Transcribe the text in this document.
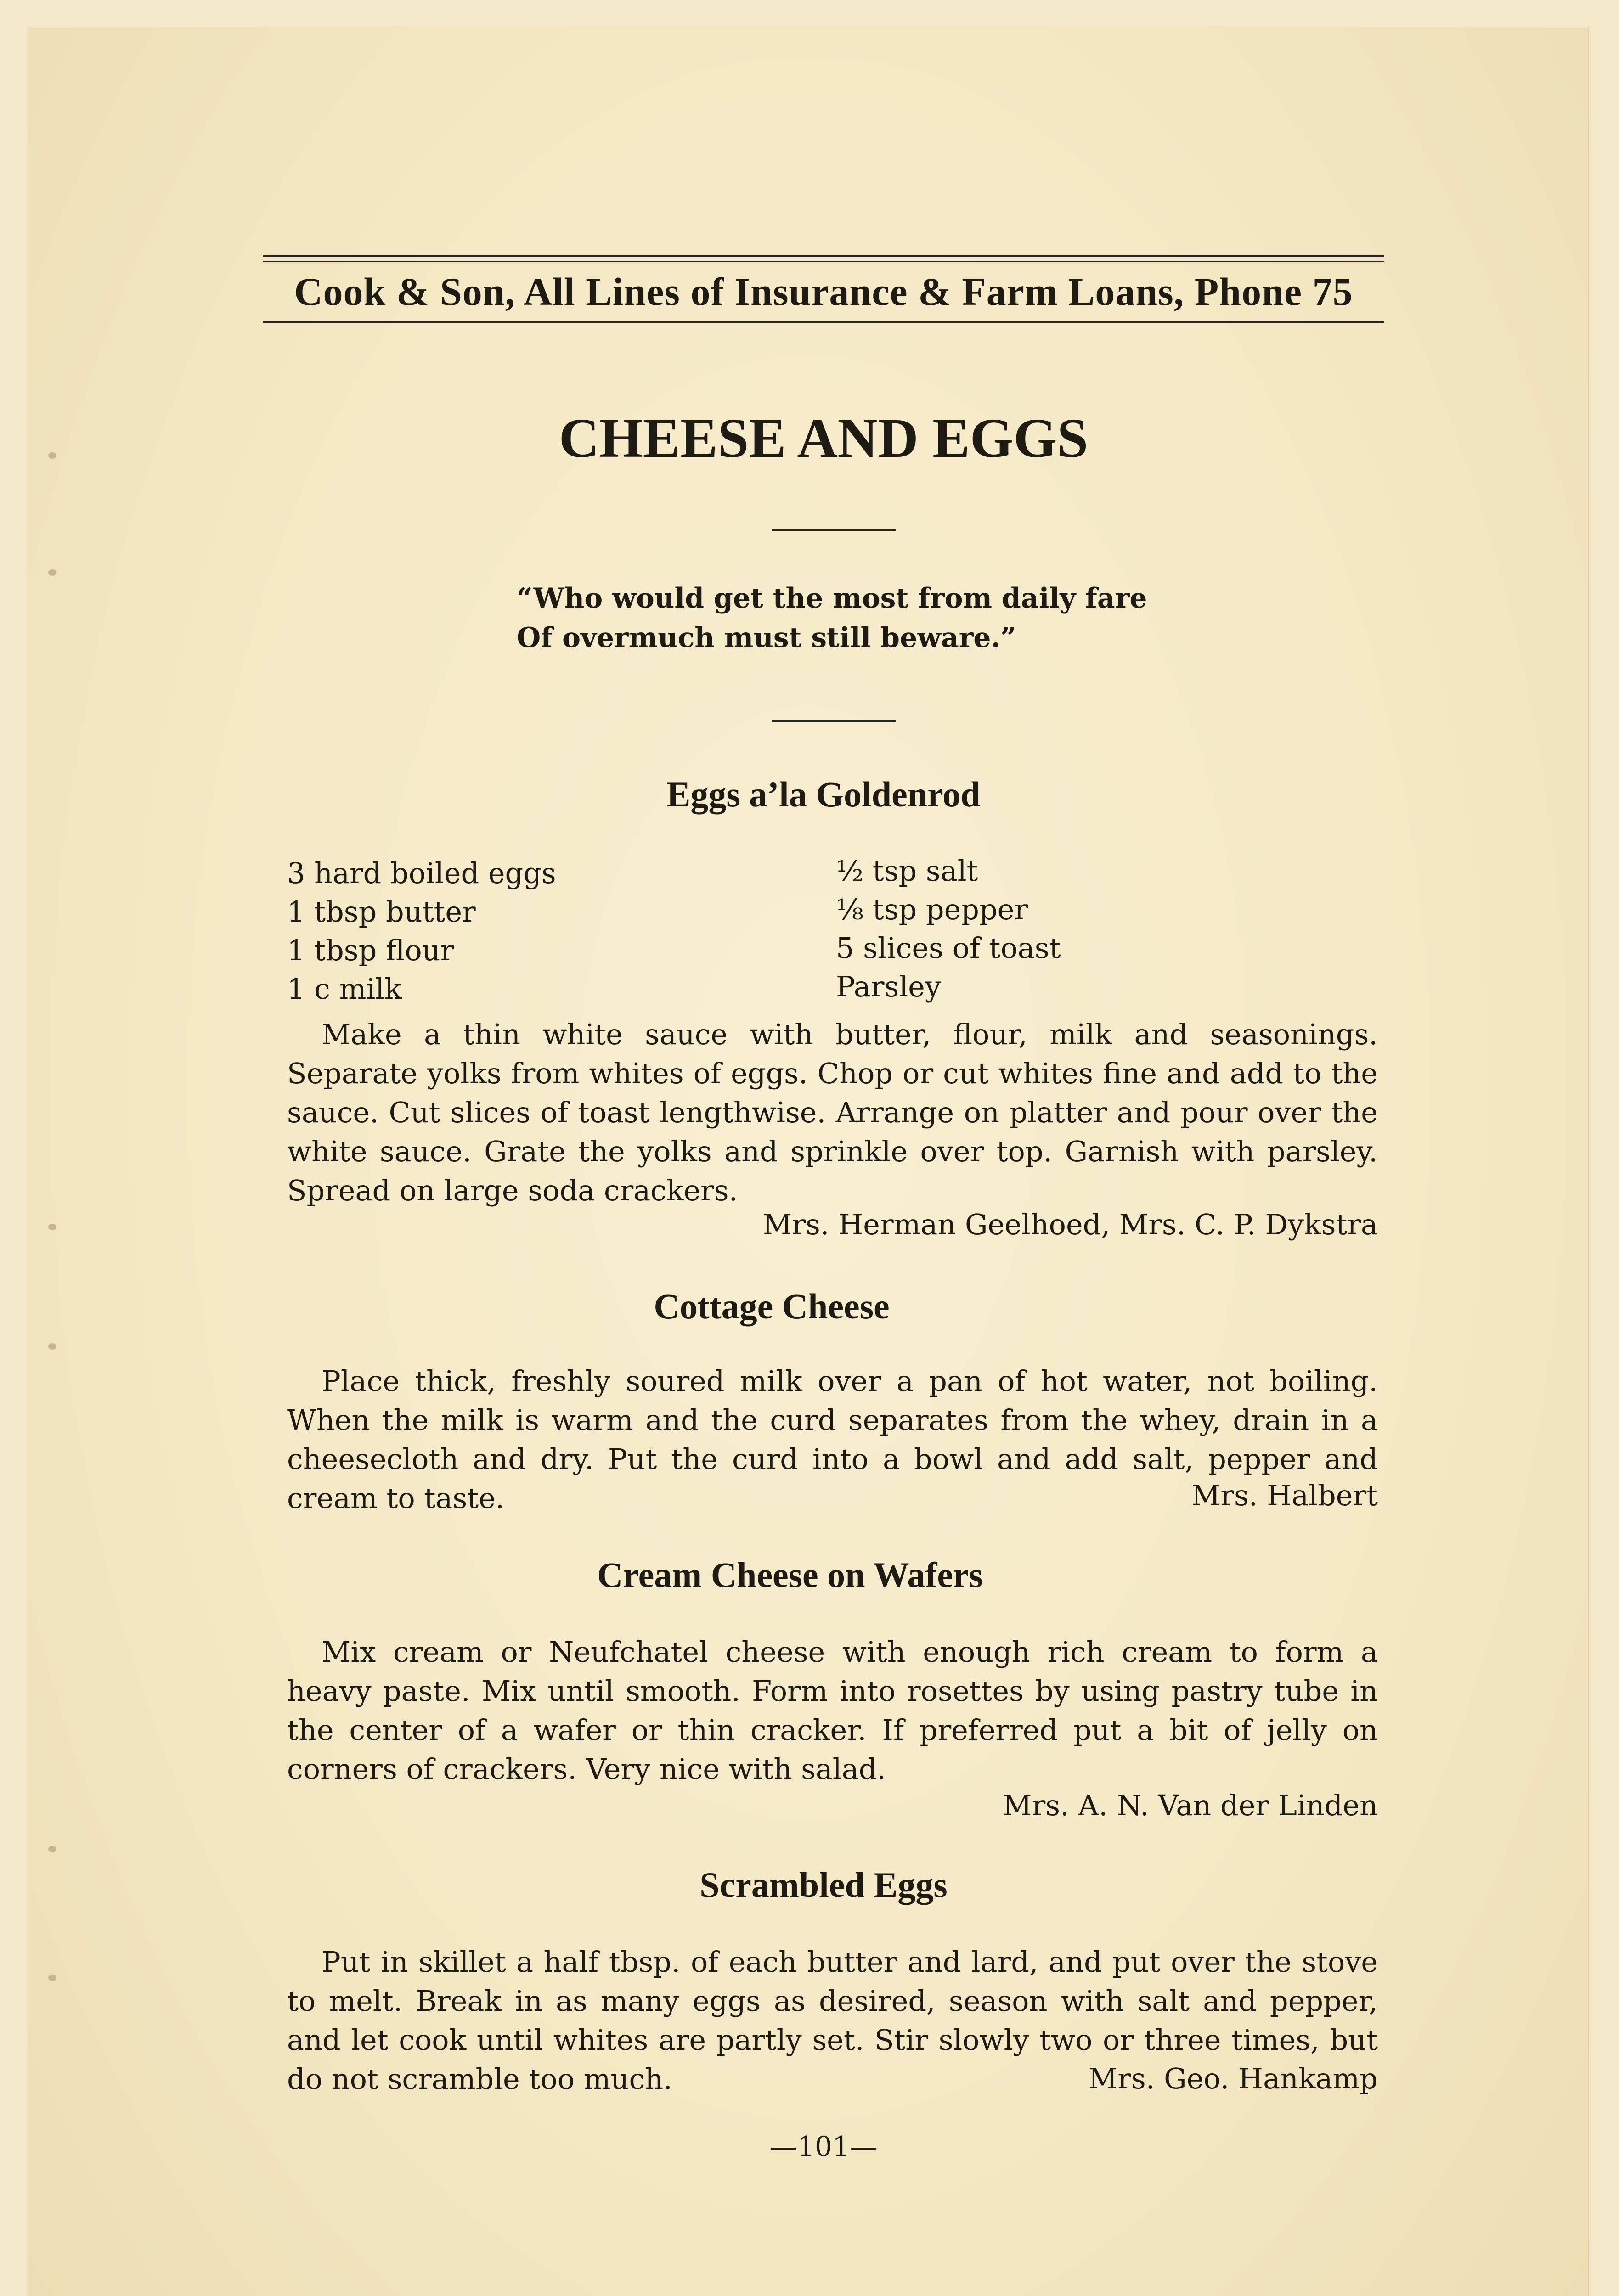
Cook & Son, All Lines of Insurance & Farm Loans, Phone 75
CHEESE AND EGGS
“Who would get the most from daily fare
Of overmuch must still beware.”
Eggs a’la Goldenrod
3 hard boiled eggs
1 tbsp butter
1 tbsp flour
1 c milk
½ tsp salt
⅛ tsp pepper
5 slices of toast
Parsley
Make a thin white sauce with butter, flour, milk and seasonings. Separate yolks from whites of eggs. Chop or cut whites fine and add to the sauce. Cut slices of toast lengthwise. Arrange on platter and pour over the white sauce. Grate the yolks and sprinkle over top. Garnish with parsley. Spread on large soda crackers.
Mrs. Herman Geelhoed, Mrs. C. P. Dykstra
Cottage Cheese
Place thick, freshly soured milk over a pan of hot water, not boiling. When the milk is warm and the curd separates from the whey, drain in a cheesecloth and dry. Put the curd into a bowl and add salt, pepper and cream to taste.	Mrs. Halbert
Cream Cheese on Wafers
Mix cream or Neufchatel cheese with enough rich cream to form a heavy paste. Mix until smooth. Form into rosettes by using pastry tube in the center of a wafer or thin cracker. If preferred put a bit of jelly on corners of crackers. Very nice with salad.
Mrs. A. N. Van der Linden
Scrambled Eggs
Put in skillet a half tbsp. of each butter and lard, and put over the stove to melt. Break in as many eggs as desired, season with salt and pepper, and let cook until whites are partly set. Stir slowly two or three times, but do not scramble too much.	Mrs. Geo. Hankamp
—101—
